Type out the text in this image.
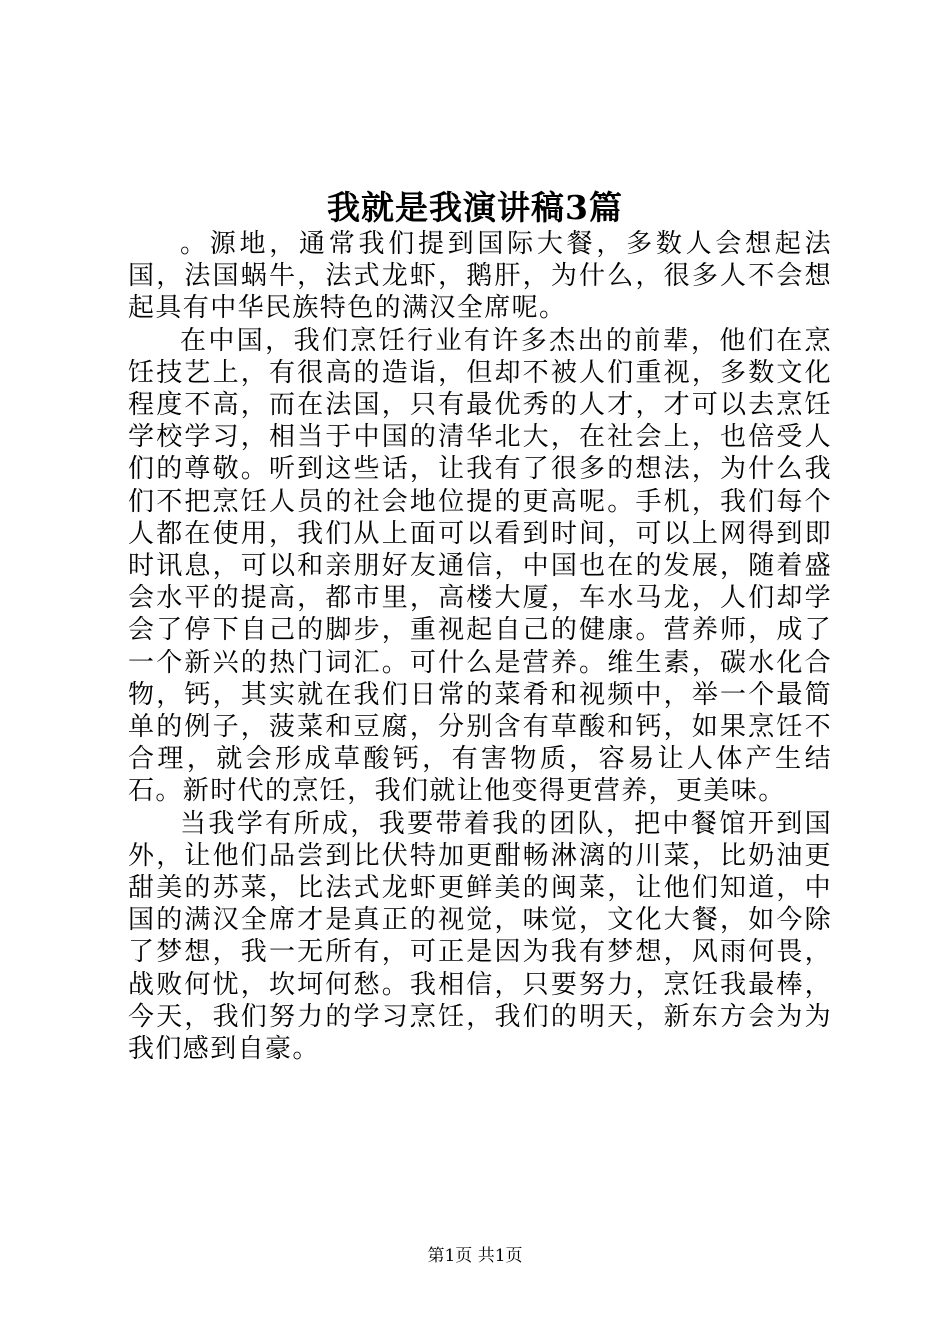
我就是我演讲稿3篇

。源地，通常我们提到国际大餐，多数人会想起法国，法国蜗牛，法式龙虾，鹅肝，为什么，很多人不会想起具有中华民族特色的满汉全席呢。

在中国，我们烹饪行业有许多杰出的前辈，他们在烹饪技艺上，有很高的造诣，但却不被人们重视，多数文化程度不高，而在法国，只有最优秀的人才，才可以去烹饪学校学习，相当于中国的清华北大，在社会上，也倍受人们的尊敬。听到这些话，让我有了很多的想法，为什么我们不把烹饪人员的社会地位提的更高呢。手机，我们每个人都在使用，我们从上面可以看到时间，可以上网得到即时讯息，可以和亲朋好友通信，中国也在的发展，随着盛会水平的提高，都市里，高楼大厦，车水马龙，人们却学会了停下自己的脚步，重视起自己的健康。营养师，成了一个新兴的热门词汇。可什么是营养。维生素，碳水化合物，钙，其实就在我们日常的菜肴和视频中，举一个最简单的例子，菠菜和豆腐，分别含有草酸和钙，如果烹饪不合理，就会形成草酸钙，有害物质，容易让人体产生结石。新时代的烹饪，我们就让他变得更营养，更美味。

当我学有所成，我要带着我的团队，把中餐馆开到国外，让他们品尝到比伏特加更酣畅淋漓的川菜，比奶油更甜美的苏菜，比法式龙虾更鲜美的闽菜，让他们知道，中国的满汉全席才是真正的视觉，味觉，文化大餐，如今除了梦想，我一无所有，可正是因为我有梦想，风雨何畏，战败何忧，坎坷何愁。我相信，只要努力，烹饪我最棒，今天，我们努力的学习烹饪，我们的明天，新东方会为为我们感到自豪。

第1页 共1页
